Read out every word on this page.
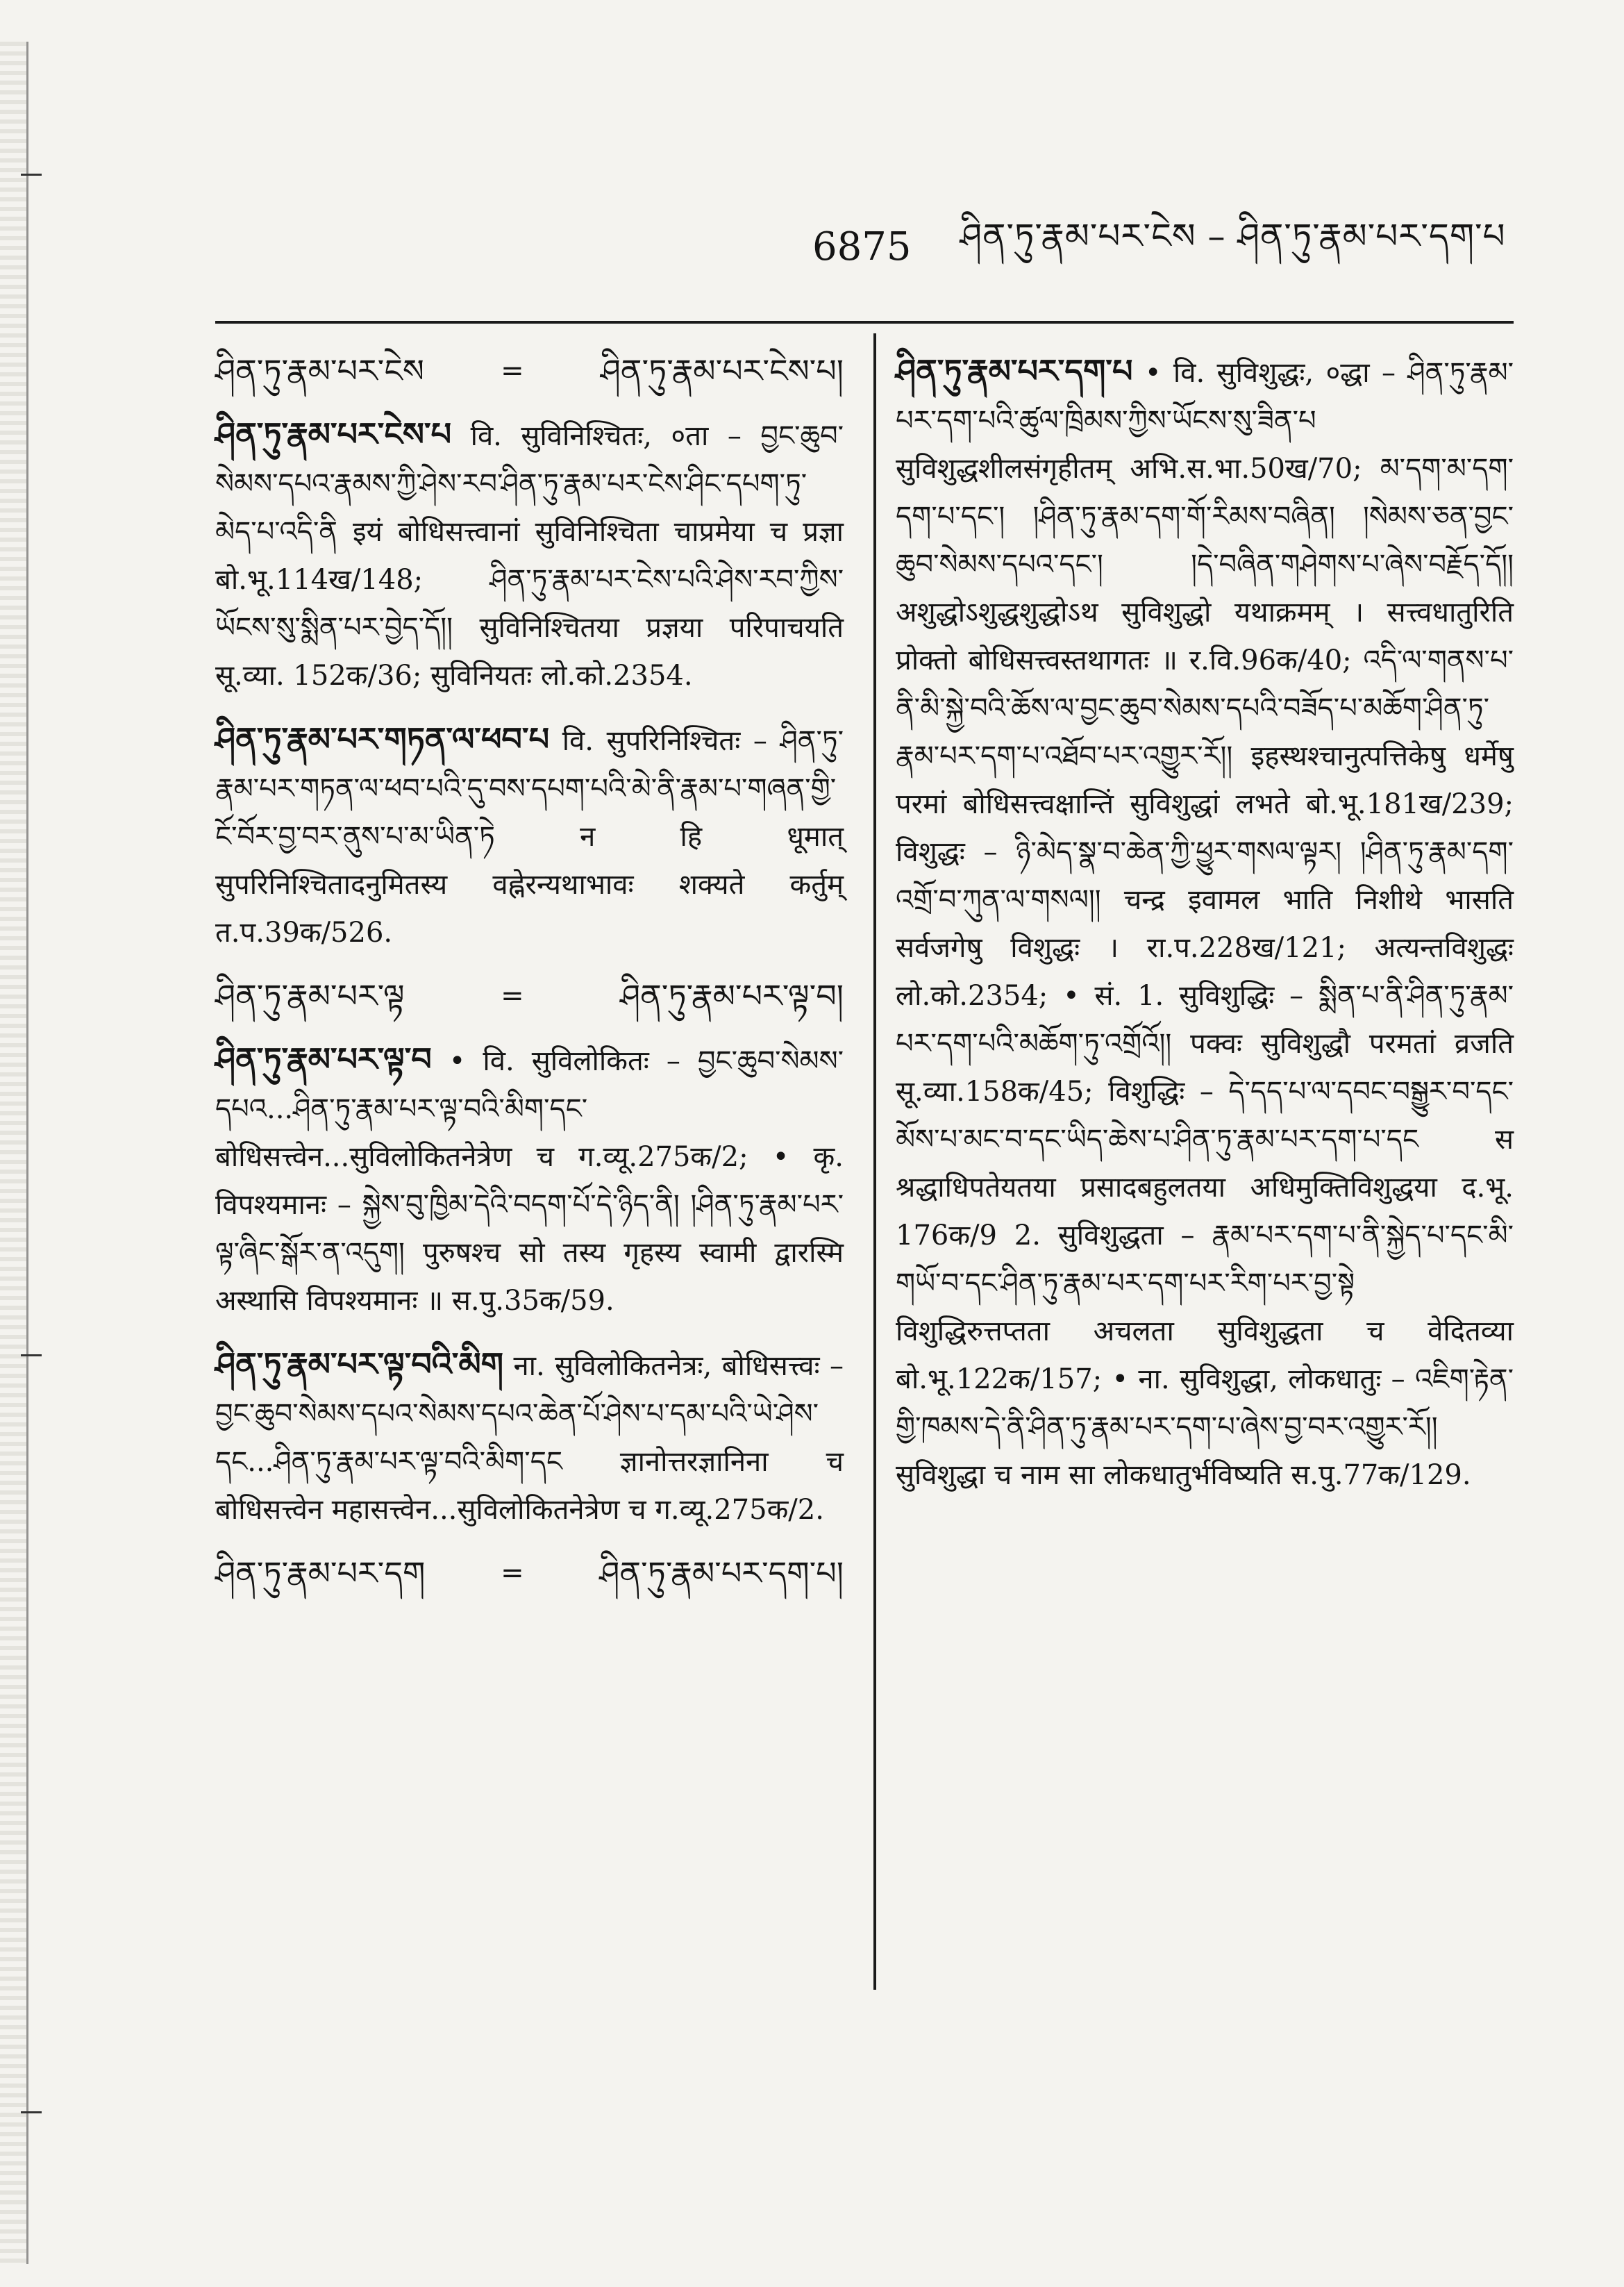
6875 ཤིན་ཏུ་རྣམ་པར་ངེས – ཤིན་ཏུ་རྣམ་པར་དག་པ
ཤིན་ཏུ་རྣམ་པར་ངེས	= ཤིན་ཏུ་རྣམ་པར་ངེས་པ།
ཤིན་ཏུ་རྣམ་པར་ངེས་པ वि. सुविनिश्चितः, ०ता – བྱང་ཆུབ་སེམས་དཔའ་རྣམས་ཀྱི་ཤེས་རབ་ཤིན་ཏུ་རྣམ་པར་ངེས་ཤིང་དཔག་ཏུ་མེད་པ་འདི་ནི इयं बोधिसत्त्वानां सुविनिश्चिता चाप्रमेया च प्रज्ञा बो.भू.114ख/148; ཤིན་ཏུ་རྣམ་པར་ངེས་པའི་ཤེས་རབ་ཀྱིས་ཡོངས་སུ་སྨིན་པར་བྱེད་དོ།། सुविनिश्चितया प्रज्ञया परिपाचयति सू.व्या. 152क/36; सुविनियतः लो.को.2354.
ཤིན་ཏུ་རྣམ་པར་གཏན་ལ་ཕབ་པ वि. सुपरिनिश्चितः – ཤིན་ཏུ་རྣམ་པར་གཏན་ལ་ཕབ་པའི་དུ་བས་དཔག་པའི་མེ་ནི་རྣམ་པ་གཞན་གྱི་ངོ་བོར་བྱ་བར་ནུས་པ་མ་ཡིན་ཏེ न हि धूमात् सुपरिनिश्चितादनुमितस्य वह्नेरन्यथाभावः शक्यते कर्तुम् त.प.39क/526.
ཤིན་ཏུ་རྣམ་པར་ལྟ	=	ཤིན་ཏུ་རྣམ་པར་ལྟ་བ།
ཤིན་ཏུ་རྣམ་པར་ལྟ་བ • वि. सुविलोकितः – བྱང་ཆུབ་སེམས་དཔའ...ཤིན་ཏུ་རྣམ་པར་ལྟ་བའི་མིག་དང་ बोधिसत्त्वेन...सुविलोकितनेत्रेण च ग.व्यू.275क/2; • कृ. विपश्यमानः – སྐྱེས་བུ་ཁྱིམ་དེའི་བདག་པོ་དེ་ཉིད་ནི། །ཤིན་ཏུ་རྣམ་པར་ལྟ་ཞིང་སྒོར་ན་འདུག། पुरुषश्च सो तस्य गृहस्य स्वामी द्वारस्मि अस्थासि विपश्यमानः ॥ स.पु.35क/59.
ཤིན་ཏུ་རྣམ་པར་ལྟ་བའི་མིག ना. सुविलोकितनेत्रः, बोधिसत्त्वः – བྱང་ཆུབ་སེམས་དཔའ་སེམས་དཔའ་ཆེན་པོ་ཤེས་པ་དམ་པའི་ཡེ་ཤེས་དང...ཤིན་ཏུ་རྣམ་པར་ལྟ་བའི་མིག་དང ज्ञानोत्तरज्ञानिना च बोधिसत्त्वेन महासत्त्वेन...सुविलोकितनेत्रेण च ग.व्यू.275क/2.
ཤིན་ཏུ་རྣམ་པར་དག	= ཤིན་ཏུ་རྣམ་པར་དག་པ།
ཤིན་ཏུ་རྣམ་པར་དག་པ • वि. सुविशुद्धः, ०द्धा – ཤིན་ཏུ་རྣམ་པར་དག་པའི་ཚུལ་ཁྲིམས་ཀྱིས་ཡོངས་སུ་ཟིན་པ सुविशुद्धशीलसंगृहीतम् अभि.स.भा.50ख/70; མ་དག་མ་དག་དག་པ་དང་། །ཤིན་ཏུ་རྣམ་དག་གོ་རིམས་བཞིན། །སེམས་ཅན་བྱང་ཆུབ་སེམས་དཔའ་དང་། །དེ་བཞིན་གཤེགས་པ་ཞེས་བརྗོད་དོ།། अशुद्धोऽशुद्धशुद्धोऽथ सुविशुद्धो यथाक्रमम् । सत्त्वधातुरिति प्रोक्तो बोधिसत्त्वस्तथागतः ॥ र.वि.96क/40; འདི་ལ་གནས་པ་ནི་མི་སྐྱེ་བའི་ཆོས་ལ་བྱང་ཆུབ་སེམས་དཔའི་བཟོད་པ་མཆོག་ཤིན་ཏུ་རྣམ་པར་དག་པ་འཐོབ་པར་འགྱུར་རོ།། इहस्थश्चानुत्पत्तिकेषु धर्मेषु परमां बोधिसत्त्वक्षान्तिं सुविशुद्धां लभते बो.भू.181ख/239; विशुद्धः – ཉི་མེད་སྣ་བ་ཆེན་ཀྱི་ཕྱུར་གསལ་ལྟར། །ཤིན་ཏུ་རྣམ་དག་འགྲོ་བ་ཀུན་ལ་གསལ།། चन्द्र इवामल भाति निशीथे भासति सर्वजगेषु विशुद्धः । रा.प.228ख/121; अत्यन्तविशुद्धः लो.को.2354; • सं. 1. सुविशुद्धिः – སྨིན་པ་ནི་ཤིན་ཏུ་རྣམ་པར་དག་པའི་མཆོག་ཏུ་འགྲོའོ།། पक्वः सुविशुद्धौ परमतां व्रजति सू.व्या.158क/45; विशुद्धिः – དེ་དད་པ་ལ་དབང་བསྒྱུར་བ་དང་མོས་པ་མང་བ་དང་ཡིད་ཆེས་པ་ཤིན་ཏུ་རྣམ་པར་དག་པ་དང स श्रद्धाधिपतेयतया प्रसादबहुलतया अधिमुक्तिविशुद्धया द.भू. 176क/9 2. सुविशुद्धता – རྣམ་པར་དག་པ་ནི་སྐྱེད་པ་དང་མི་གཡོ་བ་དང་ཤིན་ཏུ་རྣམ་པར་དག་པར་རིག་པར་བྱ་སྟེ विशुद्धिरुत्तप्तता अचलता सुविशुद्धता च वेदितव्या बो.भू.122क/157; • ना. सुविशुद्धा, लोकधातुः – འཇིག་རྟེན་གྱི་ཁམས་དེ་ནི་ཤིན་ཏུ་རྣམ་པར་དག་པ་ཞེས་བྱ་བར་འགྱུར་རོ།། सुविशुद्धा च नाम सा लोकधातुर्भविष्यति स.पु.77क/129.
